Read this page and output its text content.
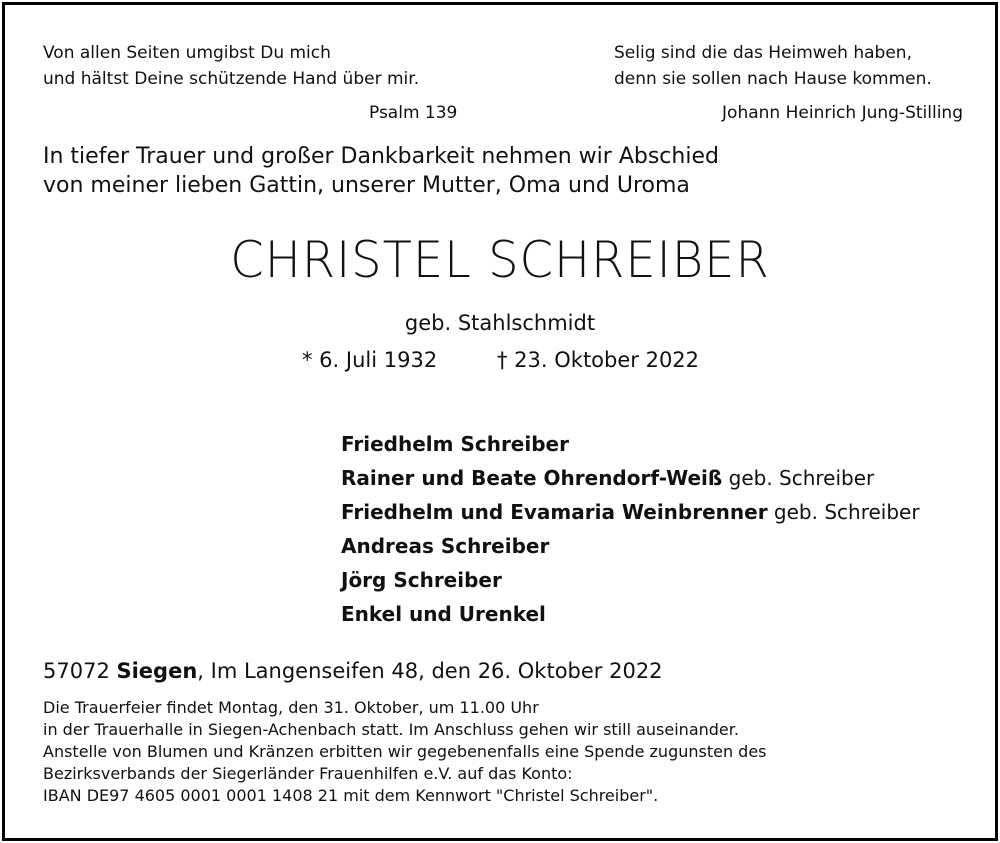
Von allen Seiten umgibst Du mich
und hältst Deine schützende Hand über mir.
Psalm 139
Selig sind die das Heimweh haben,
denn sie sollen nach Hause kommen.
Johann Heinrich Jung-Stilling
In tiefer Trauer und großer Dankbarkeit nehmen wir Abschied
von meiner lieben Gattin, unserer Mutter, Oma und Uroma
CHRISTEL SCHREIBER
geb. Stahlschmidt
* 6. Juli 1932	† 23. Oktober 2022
Friedhelm Schreiber
Rainer und Beate Ohrendorf-Weiß geb. Schreiber
Friedhelm und Evamaria Weinbrenner geb. Schreiber
Andreas Schreiber
Jörg Schreiber
Enkel und Urenkel
57072 Siegen, Im Langenseifen 48, den 26. Oktober 2022
Die Trauerfeier findet Montag, den 31. Oktober, um 11.00 Uhr
in der Trauerhalle in Siegen-Achenbach statt. Im Anschluss gehen wir still auseinander.
Anstelle von Blumen und Kränzen erbitten wir gegebenenfalls eine Spende zugunsten des
Bezirksverbands der Siegerländer Frauenhilfen e.V. auf das Konto:
IBAN DE97 4605 0001 0001 1408 21 mit dem Kennwort "Christel Schreiber".
